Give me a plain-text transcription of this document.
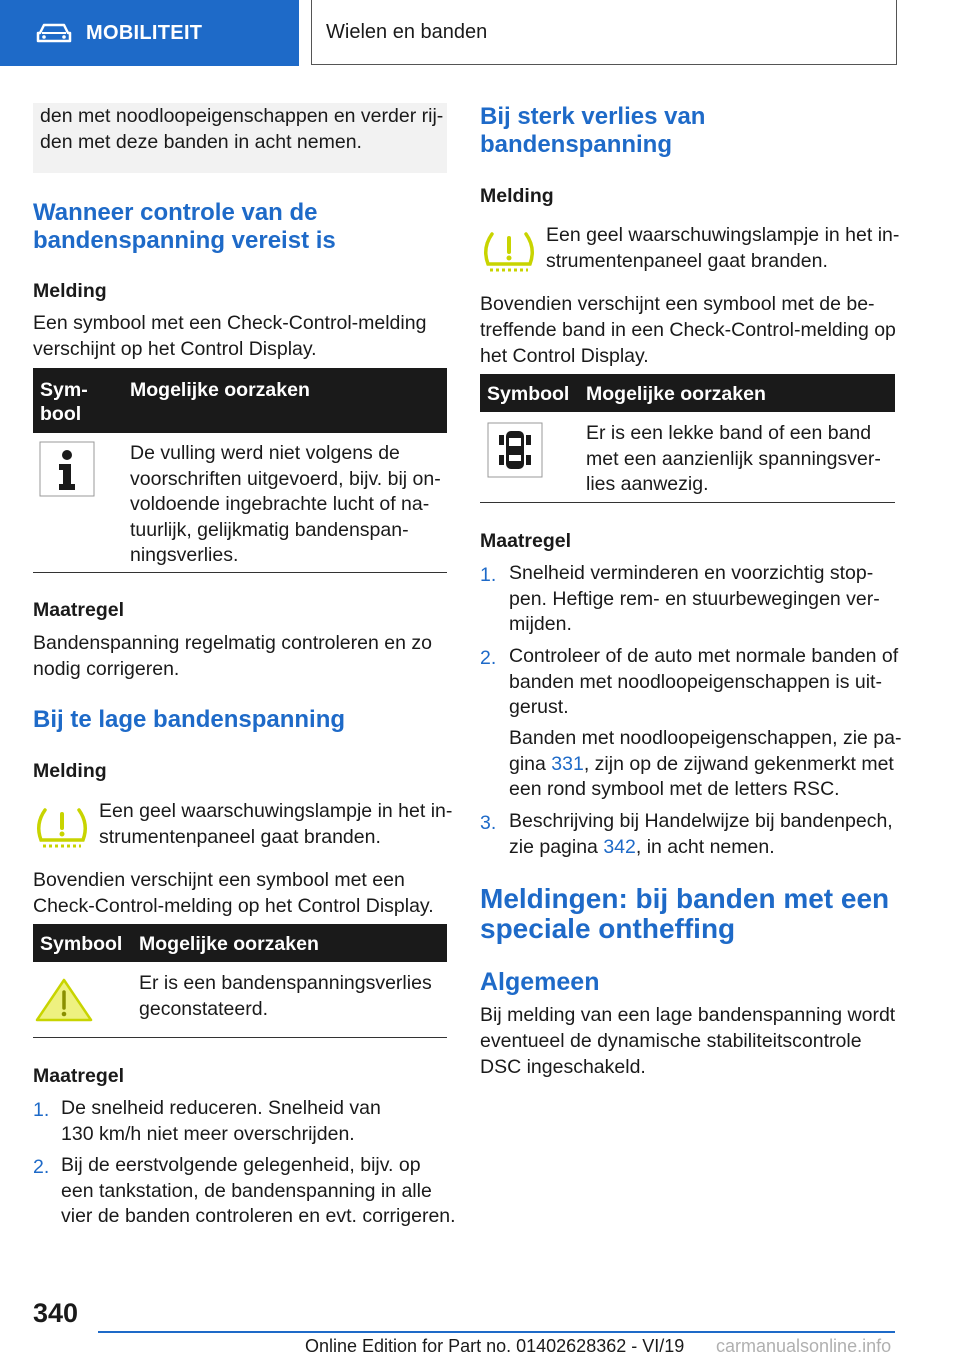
MOBILITEIT	Wielen en banden

den met noodloopeigenschappen en verder rij-

den met deze banden in acht nemen.

Wanneer controle van de

bandenspanning vereist is

Melding

Een symbool met een Check-Control-melding

verschijnt op het Control Display.

Sym-
bool
Mogelijke oorzaken
De vulling werd niet volgens de
voorschriften uitgevoerd, bijv. bij on-
voldoende ingebrachte lucht of na-
tuurlijk, gelijkmatig bandenspan-
ningsverlies.

Maatregel

Bandenspanning regelmatig controleren en zo

nodig corrigeren.

Bij te lage bandenspanning

Melding

Een geel waarschuwingslampje in het in-

strumentenpaneel gaat branden.

Bovendien verschijnt een symbool met een

Check-Control-melding op het Control Display.

Symbool Mogelijke oorzaken
Er is een bandenspanningsverlies
geconstateerd.

Maatregel

1. De snelheid reduceren. Snelheid van
130 km/h niet meer overschrijden.
2. Bij de eerstvolgende gelegenheid, bijv. op
een tankstation, de bandenspanning in alle
vier de banden controleren en evt. corrigeren.

Bij sterk verlies van

bandenspanning

Melding

Een geel waarschuwingslampje in het in-

strumentenpaneel gaat branden.

Bovendien verschijnt een symbool met de be-

treffende band in een Check-Control-melding op

het Control Display.

Symbool Mogelijke oorzaken
Er is een lekke band of een band
met een aanzienlijk spanningsver-
lies aanwezig.

Maatregel

1. Snelheid verminderen en voorzichtig stop-
pen. Heftige rem- en stuurbewegingen ver-
mijden.
2. Controleer of de auto met normale banden of
banden met noodloopeigenschappen is uit-
gerust.
Banden met noodloopeigenschappen, zie pa-
gina 331, zijn op de zijwand gekenmerkt met
een rond symbool met de letters RSC.
3. Beschrijving bij Handelwijze bij bandenpech,
zie pagina 342, in acht nemen.

Meldingen: bij banden met een

speciale ontheffing

Algemeen

Bij melding van een lage bandenspanning wordt

eventueel de dynamische stabiliteitscontrole

DSC ingeschakeld.

340
Online Edition for Part no. 01402628362 - VI/19 carmanualsonline.info
